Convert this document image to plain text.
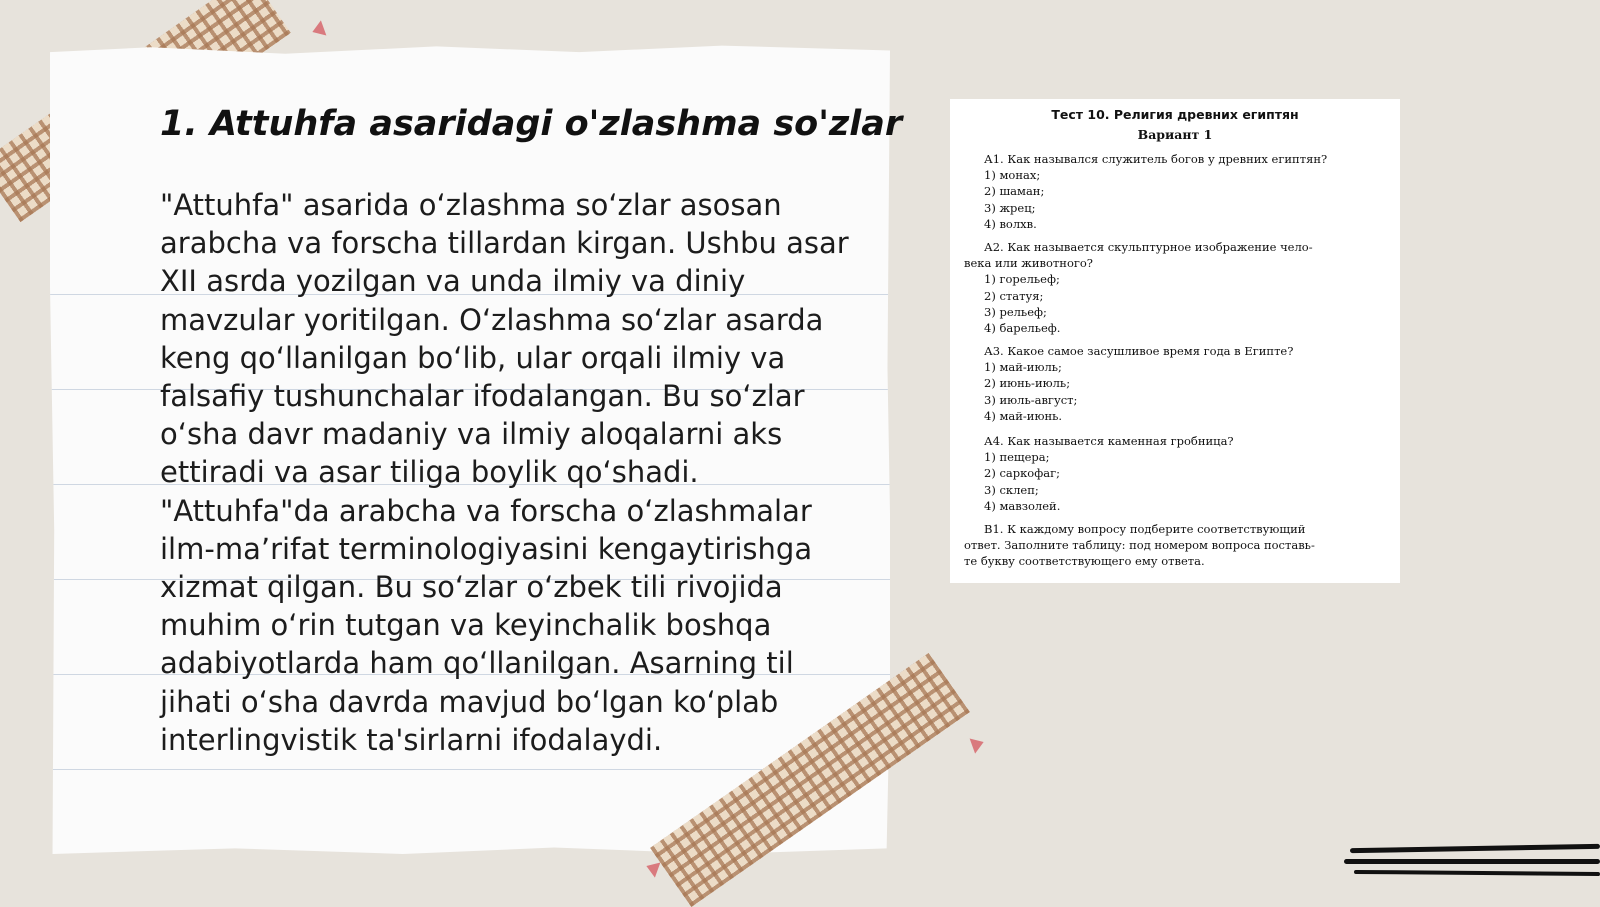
1. Attuhfa asaridagi o'zlashma so'zlar
"Attuhfa" asarida o‘zlashma so‘zlar asosan arabcha va forscha tillardan kirgan. Ushbu asar XII asrda yozilgan va unda ilmiy va diniy mavzular yoritilgan. O‘zlashma so‘zlar asarda keng qo‘llanilgan bo‘lib, ular orqali ilmiy va falsafiy tushunchalar ifodalangan. Bu so‘zlar o‘sha davr madaniy va ilmiy aloqalarni aks ettiradi va asar tiliga boylik qo‘shadi. "Attuhfa"da arabcha va forscha o‘zlashmalar ilm-ma’rifat terminologiyasini kengaytirishga xizmat qilgan. Bu so‘zlar o‘zbek tili rivojida muhim o‘rin tutgan va keyinchalik boshqa adabiyotlarda ham qo‘llanilgan. Asarning til jihati o‘sha davrda mavjud bo‘lgan ko‘plab interlingvistik ta'sirlarni ifodalaydi.
Тест 10. Религия древних египтян
Вариант 1
А1. Как назывался служитель богов у древних египтян?
1) монах;
2) шаман;
3) жрец;
4) волхв.
А2. Как называется скульптурное изображение чело-
века или животного?
1) горельеф;
2) статуя;
3) рельеф;
4) барельеф.
А3. Какое самое засушливое время года в Египте?
1) май-июль;
2) июнь-июль;
3) июль-август;
4) май-июнь.
А4. Как называется каменная гробница?
1) пещера;
2) саркофаг;
3) склеп;
4) мавзолей.
В1. К каждому вопросу подберите соответствующий
ответ. Заполните таблицу: под номером вопроса поставь-
те букву соответствующего ему ответа.
